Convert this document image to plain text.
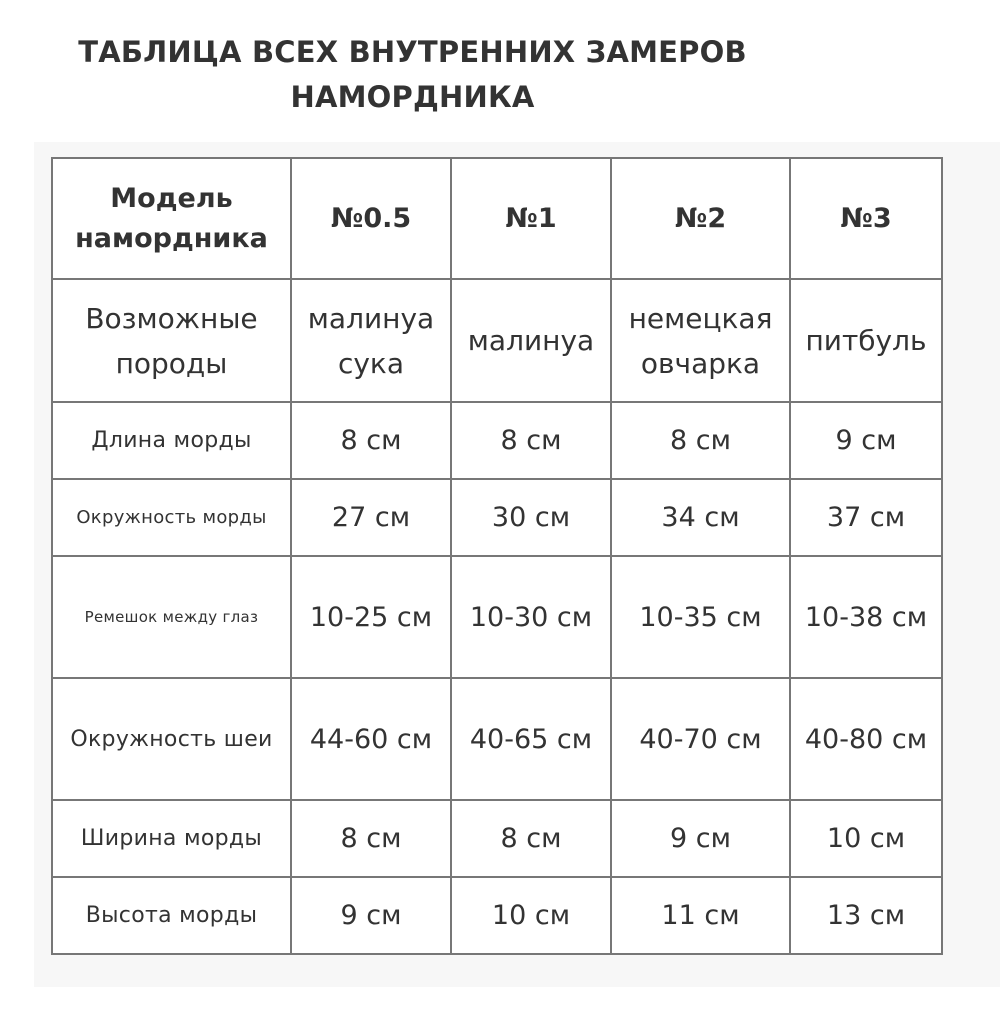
ТАБЛИЦА ВСЕХ ВНУТРЕННИХ ЗАМЕРОВ
НАМОРДНИКА
Модель намордника	№0.5	№1	№2	№3
Возможные породы	малинуа сука	малинуа	немецкая овчарка	питбуль
Длина морды	8 см	8 см	8 см	9 см
Окружность морды	27 см	30 см	34 см	37 см
Ремешок между глаз	10-25 см	10-30 см	10-35 см	10-38 см
Окружность шеи	44-60 см	40-65 см	40-70 см	40-80 см
Ширина морды	8 см	8 см	9 см	10 см
Высота морды	9 см	10 см	11 см	13 см
